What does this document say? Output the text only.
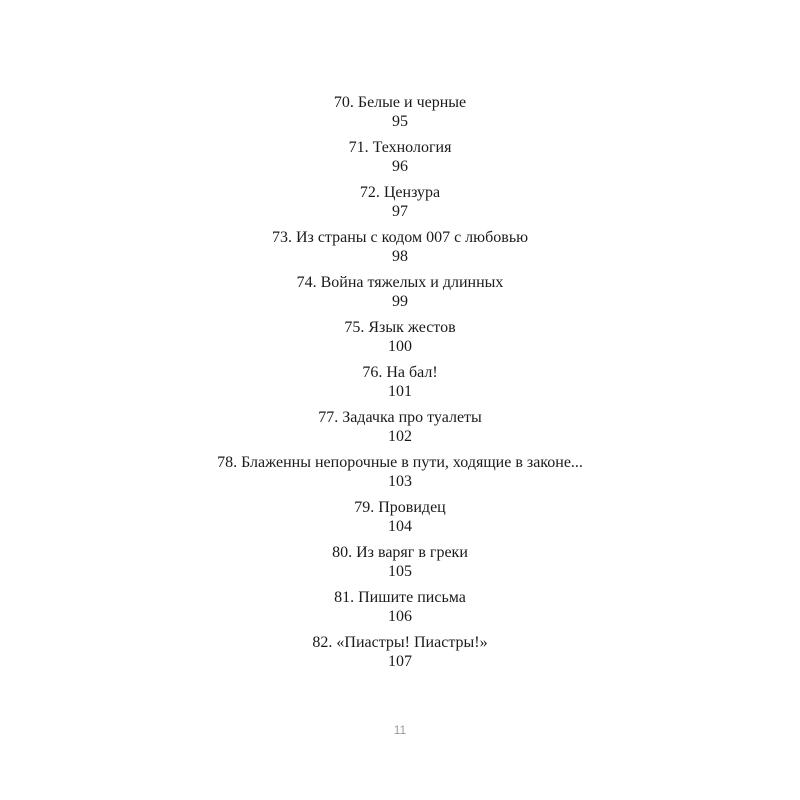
70. Белые и черные
95
71. Технология
96
72. Цензура
97
73. Из страны с кодом 007 с любовью
98
74. Война тяжелых и длинных
99
75. Язык жестов
100
76. На бал!
101
77. Задачка про туалеты
102
78. Блаженны непорочные в пути, ходящие в законе...
103
79. Провидец
104
80. Из варяг в греки
105
81. Пишите письма
106
82. «Пиастры! Пиастры!»
107
11
